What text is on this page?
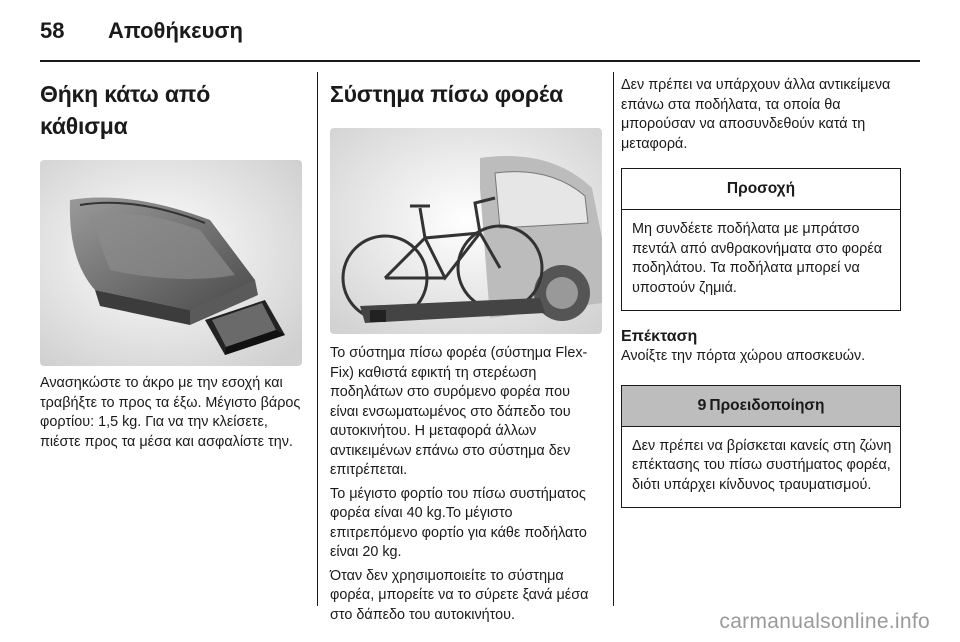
58 Αποθήκευση
Θήκη κάτω από κάθισμα

Ανασηκώστε το άκρο με την εσοχή και τραβήξτε το προς τα έξω. Μέγιστο βάρος φορτίου: 1,5 kg. Για να την κλείσετε, πιέστε προς τα μέσα και ασφαλίστε την.

Σύστημα πίσω φορέα

Το σύστημα πίσω φορέα (σύστημα Flex-Fix) καθιστά εφικτή τη στερέωση ποδηλάτων στο συρόμενο φορέα που είναι ενσωματωμένος στο δάπεδο του αυτοκινήτου. Η μεταφορά άλλων αντικειμένων επάνω στο σύστημα δεν επιτρέπεται.

Το μέγιστο φορτίο του πίσω συστήματος φορέα είναι 40 kg.Το μέγιστο επιτρεπόμενο φορτίο για κάθε ποδήλατο είναι 20 kg.

Όταν δεν χρησιμοποιείτε το σύστημα φορέα, μπορείτε να το σύρετε ξανά μέσα στο δάπεδο του αυτοκινήτου.

Δεν πρέπει να υπάρχουν άλλα αντικείμενα επάνω στα ποδήλατα, τα οποία θα μπορούσαν να αποσυνδεθούν κατά τη μεταφορά.

Προσοχή

Μη συνδέετε ποδήλατα με μπράτσο πεντάλ από ανθρακονήματα στο φορέα ποδηλάτου. Τα ποδήλατα μπορεί να υποστούν ζημιά.

Επέκταση

Ανοίξτε την πόρτα χώρου αποσκευών.

9 Προειδοποίηση

Δεν πρέπει να βρίσκεται κανείς στη ζώνη επέκτασης του πίσω συστήματος φορέα, διότι υπάρχει κίνδυνος τραυματισμού.

carmanualsonline.info
